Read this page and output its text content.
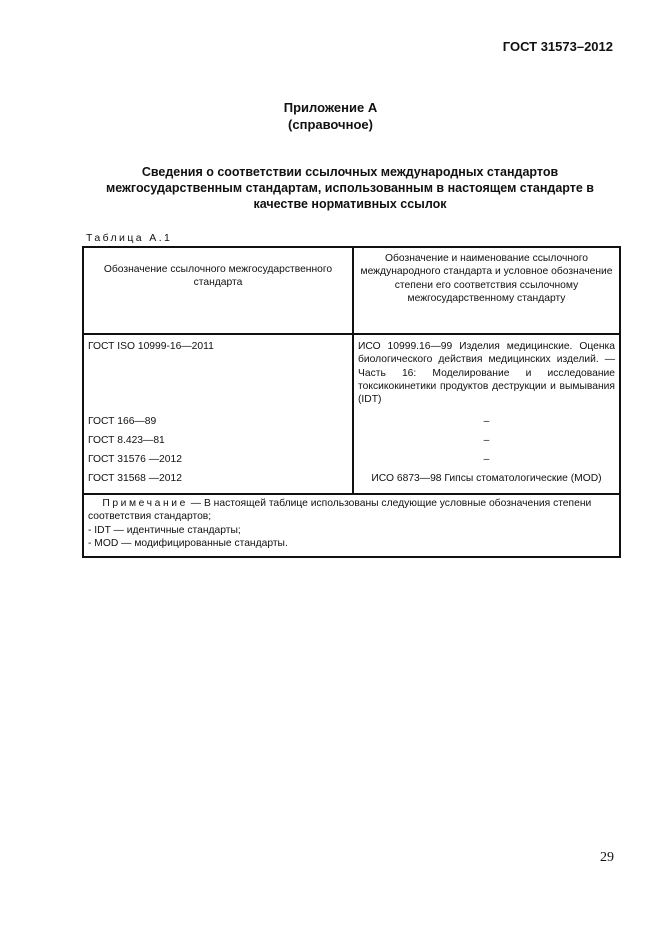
ГОСТ 31573–2012
Приложение А
(справочное)
Сведения о соответствии ссылочных международных стандартов межгосударственным стандартам, использованным в настоящем стандарте в качестве нормативных ссылок
Таблица А.1
Обозначение ссылочного межгосударственного стандарта	Обозначение и наименование ссылочного международного стандарта и условное обозначение степени его соответствия ссылочному межгосударственному стандарту
ГОСТ ISO 10999-16—2011	ИСО 10999.16—99 Изделия медицинские. Оценка биологического действия медицинских изделий. — Часть 16: Моделирование и исследование токсикокинетики продуктов деструкции и вымывания (IDT)
ГОСТ 166—89	–
ГОСТ 8.423—81	–
ГОСТ 31576 —2012	–
ГОСТ 31568 —2012	ИСО 6873—98 Гипсы стоматологические (MOD)

Примечание — В настоящей таблице использованы следующие условные обозначения степени соответствия стандартов;
- IDT — идентичные стандарты;
- MOD — модифицированные стандарты.	
29
